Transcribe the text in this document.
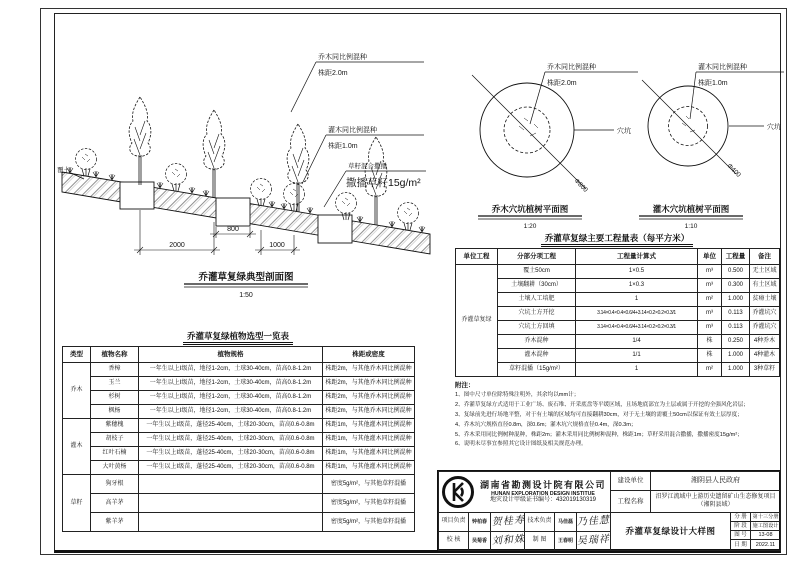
乔木同比例混种
株距2.0m
灌木同比例混种
株距1.0m
草籽混合撒播
撒播草籽15g/m²
覆土
800
2000	1000
乔灌草复绿典型剖面图
1:50
乔木同比例混种
株距2.0m
穴坑
Φ800
乔木穴坑植树平面图
1:20
灌木同比例混种
株距1.0m
穴坑
Φ400
灌木穴坑植树平面图
1:10
乔灌草复绿主要工程量表（每平方米）
单位工程	分部分项工程	工程量计算式	单位	工程量	备注
乔灌草复绿	覆土50cm	1×0.5	m³	0.500	无土区域
	土壤翻耕（30cm）	1×0.3	m³	0.300	有土区域
	土壤人工培肥	1	m²	1.000	贫瘠土壤
	穴坑土方开挖	3.14×0.4×0.4×0.6/4+3.14×0.2×0.2×0.3/1	m³	0.113	乔灌坑穴
	穴坑土方回填	3.14×0.4×0.4×0.6/4+3.14×0.2×0.2×0.3/1	m³	0.113	乔灌坑穴
	乔木混种	1/4	株	0.250	4种乔木
	灌木混种	1/1	株	1.000	4种灌木
	草籽混播（15g/m²）	1	m²	1.000	3种草籽
附注：
1、图中尺寸单位除特殊注明外，其余均以mm计；
2、乔灌草复绿方式适用于工业广场、废石堆、开采底盘等平缓区域，且场地底部宜为土层或属于开挖的全强风化岩层；
3、复绿前先进行场地平整，对于有土壤的区域均可直接翻耕30cm，对于无土壤的需覆土50cm以保证有效土层厚度；
4、乔木坑穴规格直径0.8m，深0.6m；灌木坑穴规格直径0.4m，深0.3m；
5、乔木采用同比例树种混种，株距2m；灌木采用同比例树种混种，株距1m；草籽采用混合撒播，撒播密度15g/m²；
6、说明未尽事宜参照其它设计图纸及相关规范办理。
乔灌草复绿植物选型一览表
类型	植物名称	植物规格	株距或密度
乔木	香樟	一年生以上Ⅰ级苗，地径1-2cm，土球30-40cm，苗高0.8-1.2m	株距2m，与其他乔木同比例混种
	玉兰	一年生以上Ⅰ级苗，地径1-2cm，土球30-40cm，苗高0.8-1.2m	株距2m，与其他乔木同比例混种
	杉树	一年生以上Ⅰ级苗，地径1-2cm，土球30-40cm，苗高0.8-1.2m	株距2m，与其他乔木同比例混种
	枫杨	一年生以上Ⅰ级苗，地径1-2cm，土球30-40cm，苗高0.8-1.2m	株距2m，与其他乔木同比例混种
灌木	紫穗槐	一年生以上Ⅰ级苗，蓬径25-40cm，土球20-30cm，苗高0.6-0.8m	株距1m，与其他灌木同比例混种
	胡枝子	一年生以上Ⅰ级苗，蓬径25-40cm，土球20-30cm，苗高0.6-0.8m	株距1m，与其他灌木同比例混种
	红叶石楠	一年生以上Ⅰ级苗，蓬径25-40cm，土球20-30cm，苗高0.6-0.8m	株距1m，与其他灌木同比例混种
	大叶黄杨	一年生以上Ⅰ级苗，蓬径25-40cm，土球20-30cm，苗高0.6-0.8m	株距1m，与其他灌木同比例混种
草籽	狗牙根		密度5g/m²，与其他草籽混播
	高羊茅		密度5g/m²，与其他草籽混播
	紫羊茅		密度5g/m²，与其他草籽混播
湖南省勘测设计院有限公司
HUNAN EXPLORATION DESIGN INSTITUE
地灾设计甲级证书编号：432019130319
建设单位	湘阴县人民政府
工程名称
汨罗江流域中上游历史遗留矿山生态修复项目
（湘阴县域）
项目负责	钟柏春 贺桂寿 技术负责	马佳磊 乃佳慧
校 核	吴菊香 刘和姝	制 图	王春明 吴瑞祥
乔灌草复绿设计大样图
分 册	第十三分册
阶 段	施工图设计
图 号	13-08
日 期	2022.11
